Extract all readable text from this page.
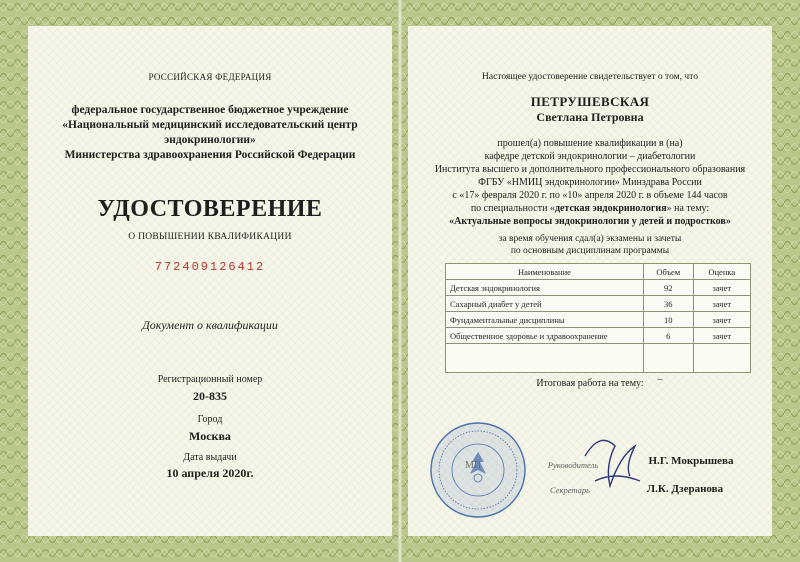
РОССИЙСКАЯ ФЕДЕРАЦИЯ
федеральное государственное бюджетное учреждение
«Национальный медицинский исследовательский центр
эндокринологии»
Министерства здравоохранения Российской Федерации
УДОСТОВЕРЕНИЕ
О ПОВЫШЕНИИ КВАЛИФИКАЦИИ
772409126412
Документ о квалификации
Регистрационный номер
20-835
Город
Москва
Дата выдачи
10 апреля 2020г.
Настоящее удостоверение свидетельствует о том, что
ПЕТРУШЕВСКАЯ
Светлана Петровна
прошел(а) повышение квалификации в (на)
кафедре детской эндокринологии – диабетологии
Института высшего и дополнительного профессионального образования
ФГБУ «НМИЦ эндокринологии» Минздрава России
с «17» февраля 2020 г. по «10» апреля 2020 г. в объеме 144 часов
по специальности «детская эндокринология» на тему:
«Актуальные вопросы эндокринологии у детей и подростков»
за время обучения сдал(а) экзамены и зачеты
по основным дисциплинам программы
Наименование	Объем	Оценка
Детская эндокринология	92	зачет
Сахарный диабет у детей	36	зачет
Фундаментальные дисциплины	10	зачет
Общественное здоровье и здравоохранение	6	зачет

Итоговая работа на тему:	–
МП	Руководитель	Н.Г. Мокрышева
Секретарь	Л.К. Дзеранова
